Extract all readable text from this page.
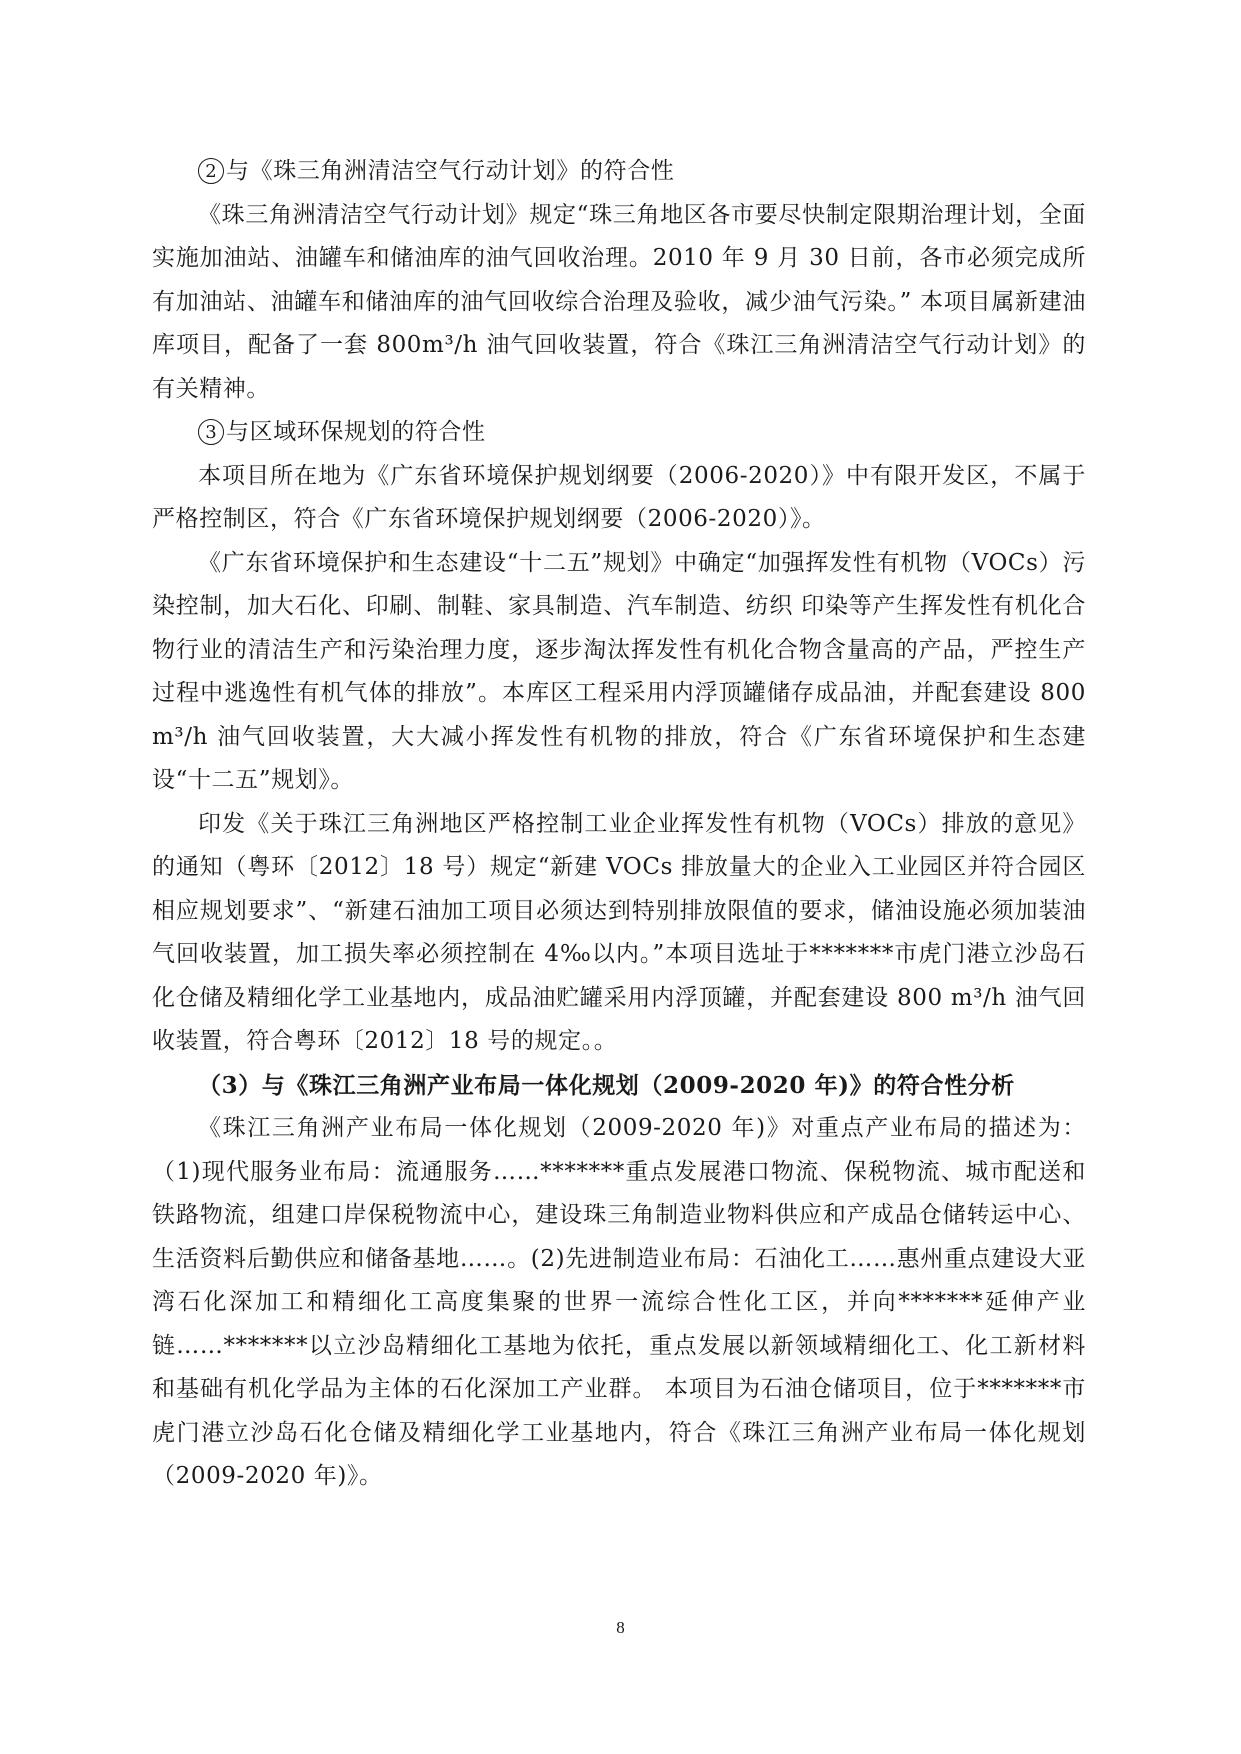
2 与《珠三角洲清洁空气行动计划》的符合性

《珠三角洲清洁空气行动计划》规定“珠三角地区各市要尽快制定限期治理计划，全面实施加油站、油罐车和储油库的油气回收治理。2010 年 9 月 30 日前，各市必须完成所有加油站、油罐车和储油库的油气回收综合治理及验收，减少油气污染。” 本项目属新建油库项目，配备了一套 800m³/h 油气回收装置，符合《珠江三角洲清洁空气行动计划》的有关精神。

3 与区域环保规划的符合性

本项目所在地为《广东省环境保护规划纲要（2006-2020）》中有限开发区，不属于严格控制区，符合《广东省环境保护规划纲要（2006-2020）》。

《广东省环境保护和生态建设“十二五”规划》中确定“加强挥发性有机物（VOCs）污染控制，加大石化、印刷、制鞋、家具制造、汽车制造、纺织 印染等产生挥发性有机化合物行业的清洁生产和污染治理力度，逐步淘汰挥发性有机化合物含量高的产品，严控生产过程中逃逸性有机气体的排放”。本库区工程采用内浮顶罐储存成品油，并配套建设 800 m³/h 油气回收装置，大大减小挥发性有机物的排放，符合《广东省环境保护和生态建设“十二五”规划》。

印发《关于珠江三角洲地区严格控制工业企业挥发性有机物（VOCs）排放的意见》的通知（粤环〔2012〕18 号）规定“新建 VOCs 排放量大的企业入工业园区并符合园区相应规划要求”、“新建石油加工项目必须达到特别排放限值的要求，储油设施必须加装油气回收装置，加工损失率必须控制在 4‰以内。”本项目选址于*******市虎门港立沙岛石化仓储及精细化学工业基地内，成品油贮罐采用内浮顶罐，并配套建设 800 m³/h 油气回收装置，符合粤环〔2012〕18 号的规定。。

（3）与《珠江三角洲产业布局一体化规划（2009-2020 年)》的符合性分析

《珠江三角洲产业布局一体化规划（2009-2020 年)》对重点产业布局的描述为：（1)现代服务业布局：流通服务……*******重点发展港口物流、保税物流、城市配送和铁路物流，组建口岸保税物流中心，建设珠三角制造业物料供应和产成品仓储转运中心、生活资料后勤供应和储备基地……。(2)先进制造业布局：石油化工……惠州重点建设大亚湾石化深加工和精细化工高度集聚的世界一流综合性化工区，并向*******延伸产业链……*******以立沙岛精细化工基地为依托，重点发展以新领域精细化工、化工新材料和基础有机化学品为主体的石化深加工产业群。 本项目为石油仓储项目，位于*******市虎门港立沙岛石化仓储及精细化学工业基地内，符合《珠江三角洲产业布局一体化规划（2009-2020 年)》。

8
